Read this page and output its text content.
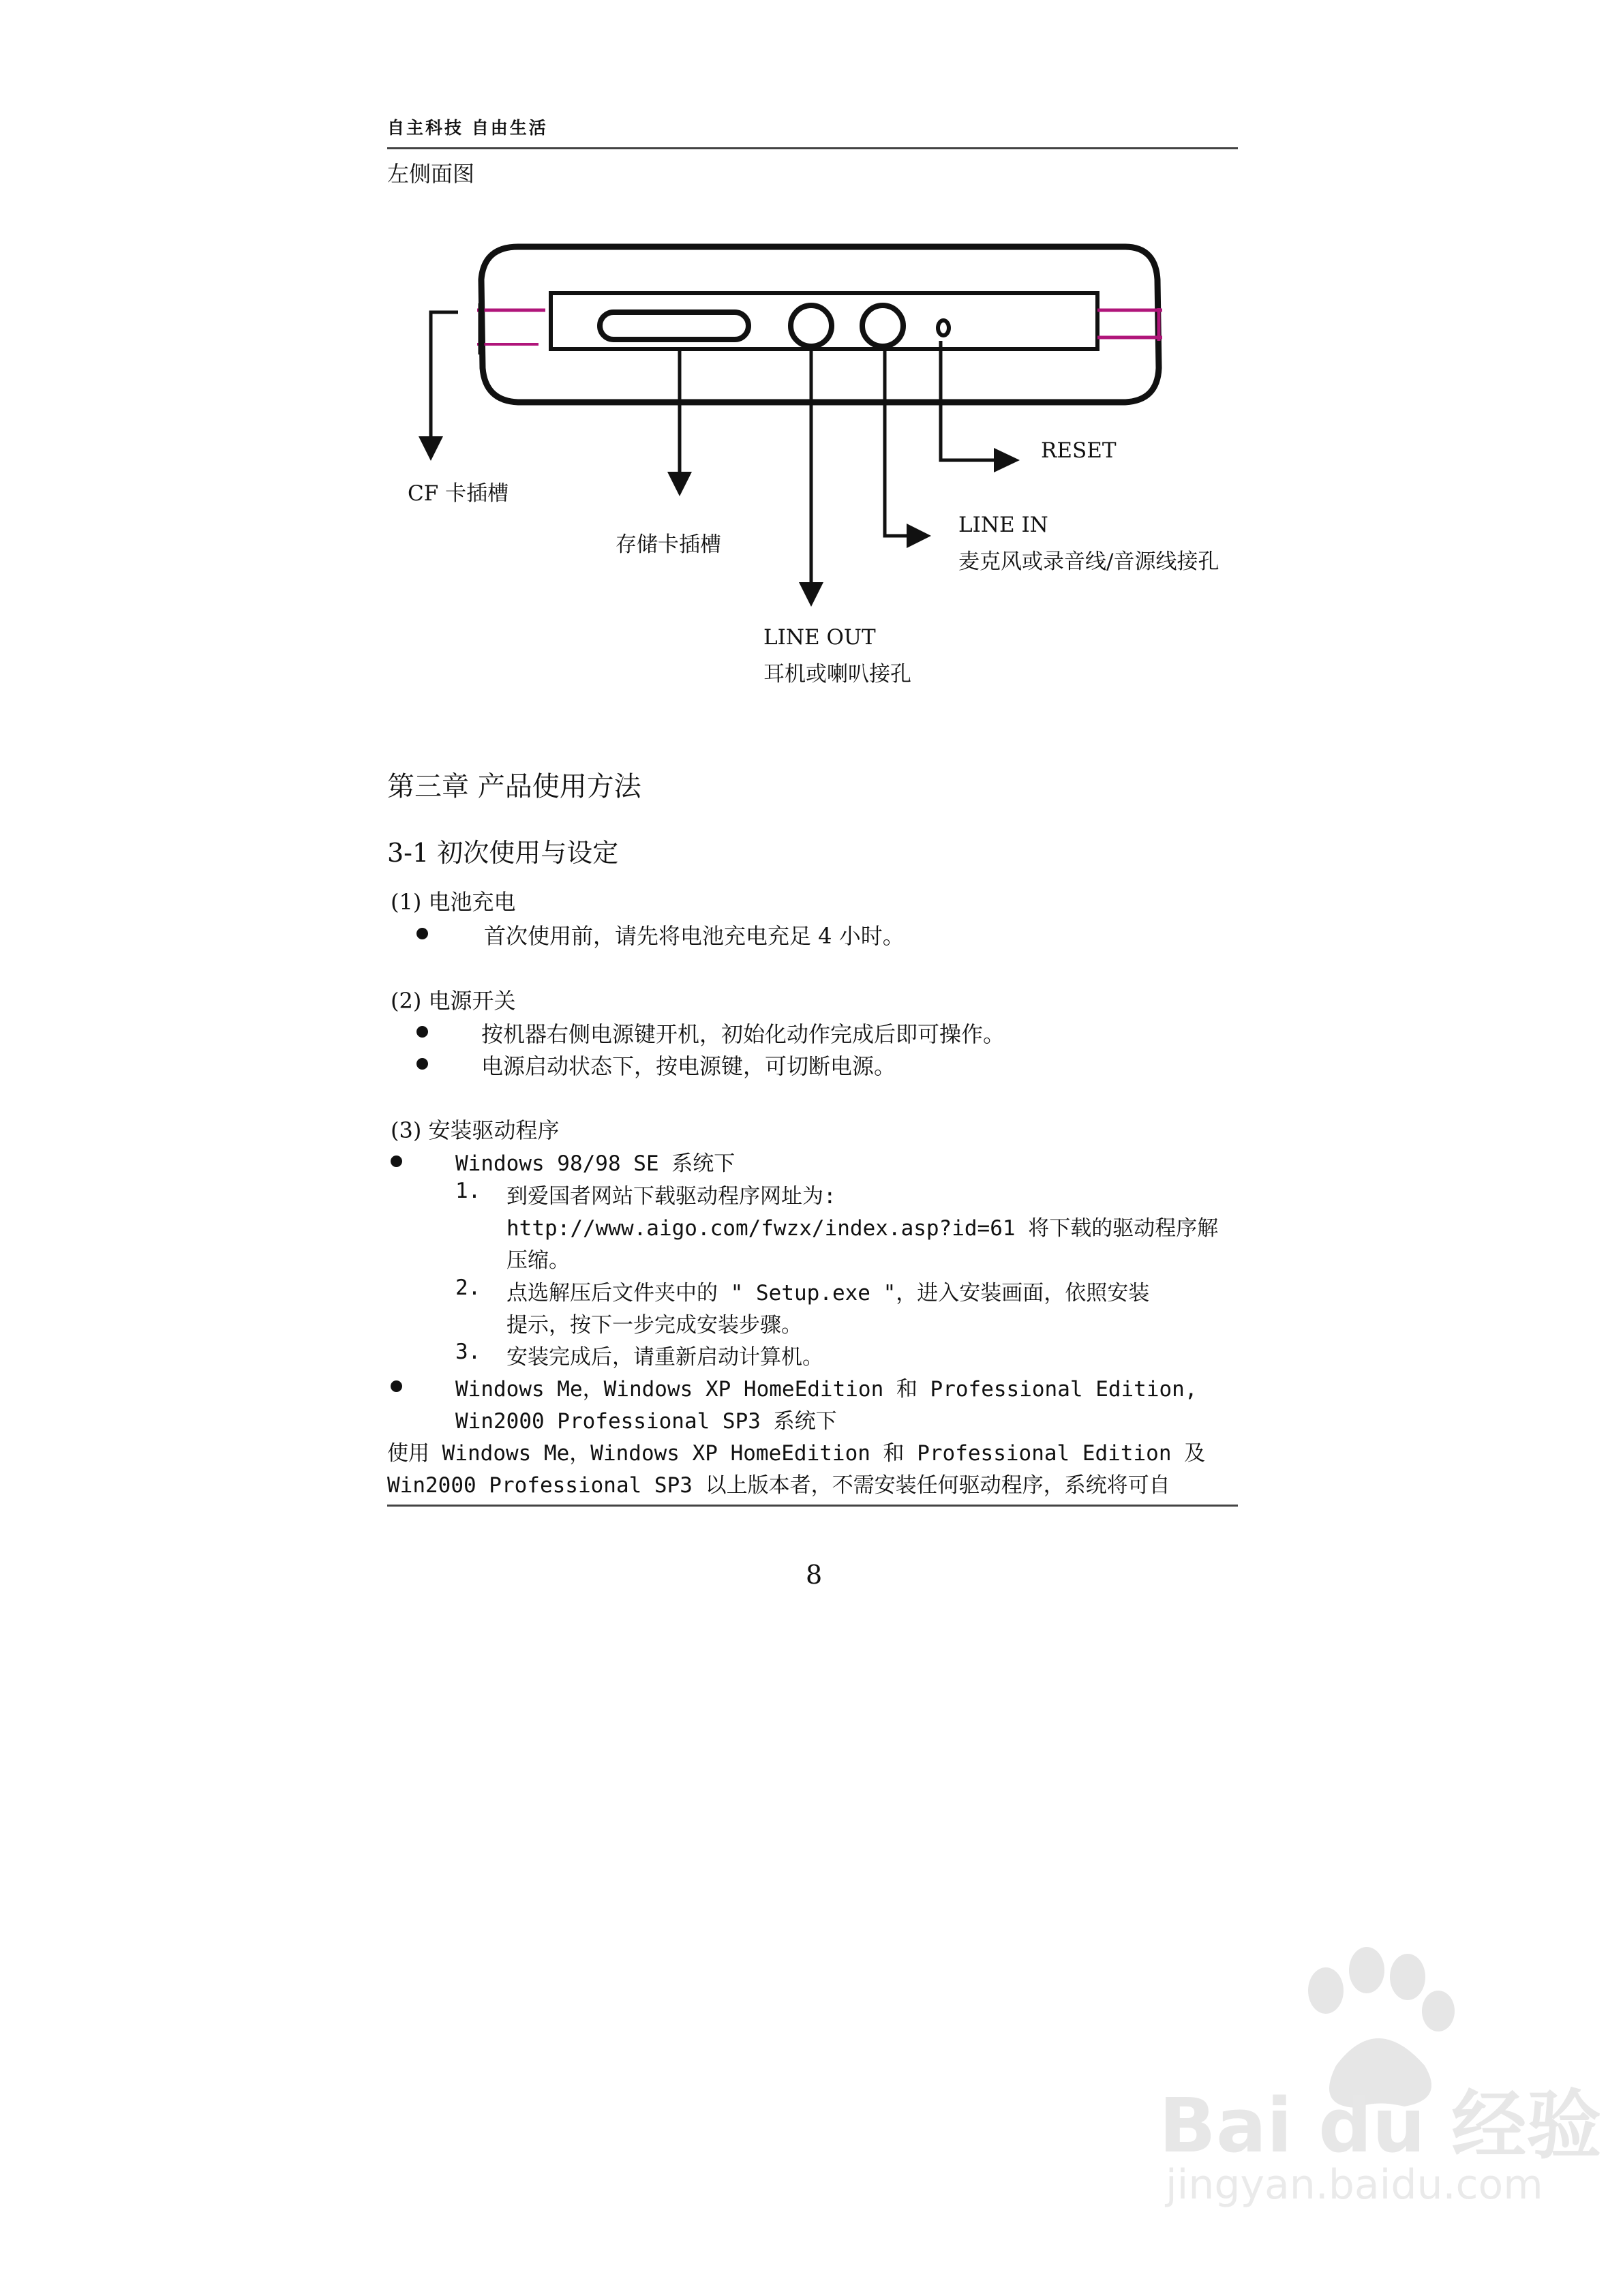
自主科技 自由生活
左侧面图
RESET
CF 卡插槽
存储卡插槽
LINE IN
麦克风或录音线/音源线接孔
LINE OUT
耳机或喇叭接孔
第三章 产品使用方法
3-1 初次使用与设定
(1) 电池充电
首次使用前，请先将电池充电充足 4 小时。
(2) 电源开关
按机器右侧电源键开机，初始化动作完成后即可操作。
电源启动状态下，按电源键，可切断电源。
(3) 安装驱动程序
Windows 98/98 SE 系统下
1. 到爱国者网站下载驱动程序网址为:
http://www.aigo.com/fwzx/index.asp?id=61 将下载的驱动程序解
压缩。
2. 点选解压后文件夹中的 " Setup.exe "，进入安装画面，依照安装
提示，按下一步完成安装步骤。
3. 安装完成后，请重新启动计算机。
Windows Me，Windows XP HomeEdition 和 Professional Edition,
Win2000 Professional SP3 系统下
使用 Windows Me，Windows XP HomeEdition 和 Professional Edition 及
Win2000 Professional SP3 以上版本者，不需安装任何驱动程序，系统将可自
8
Bai du 经验
jingyan.baidu.com
